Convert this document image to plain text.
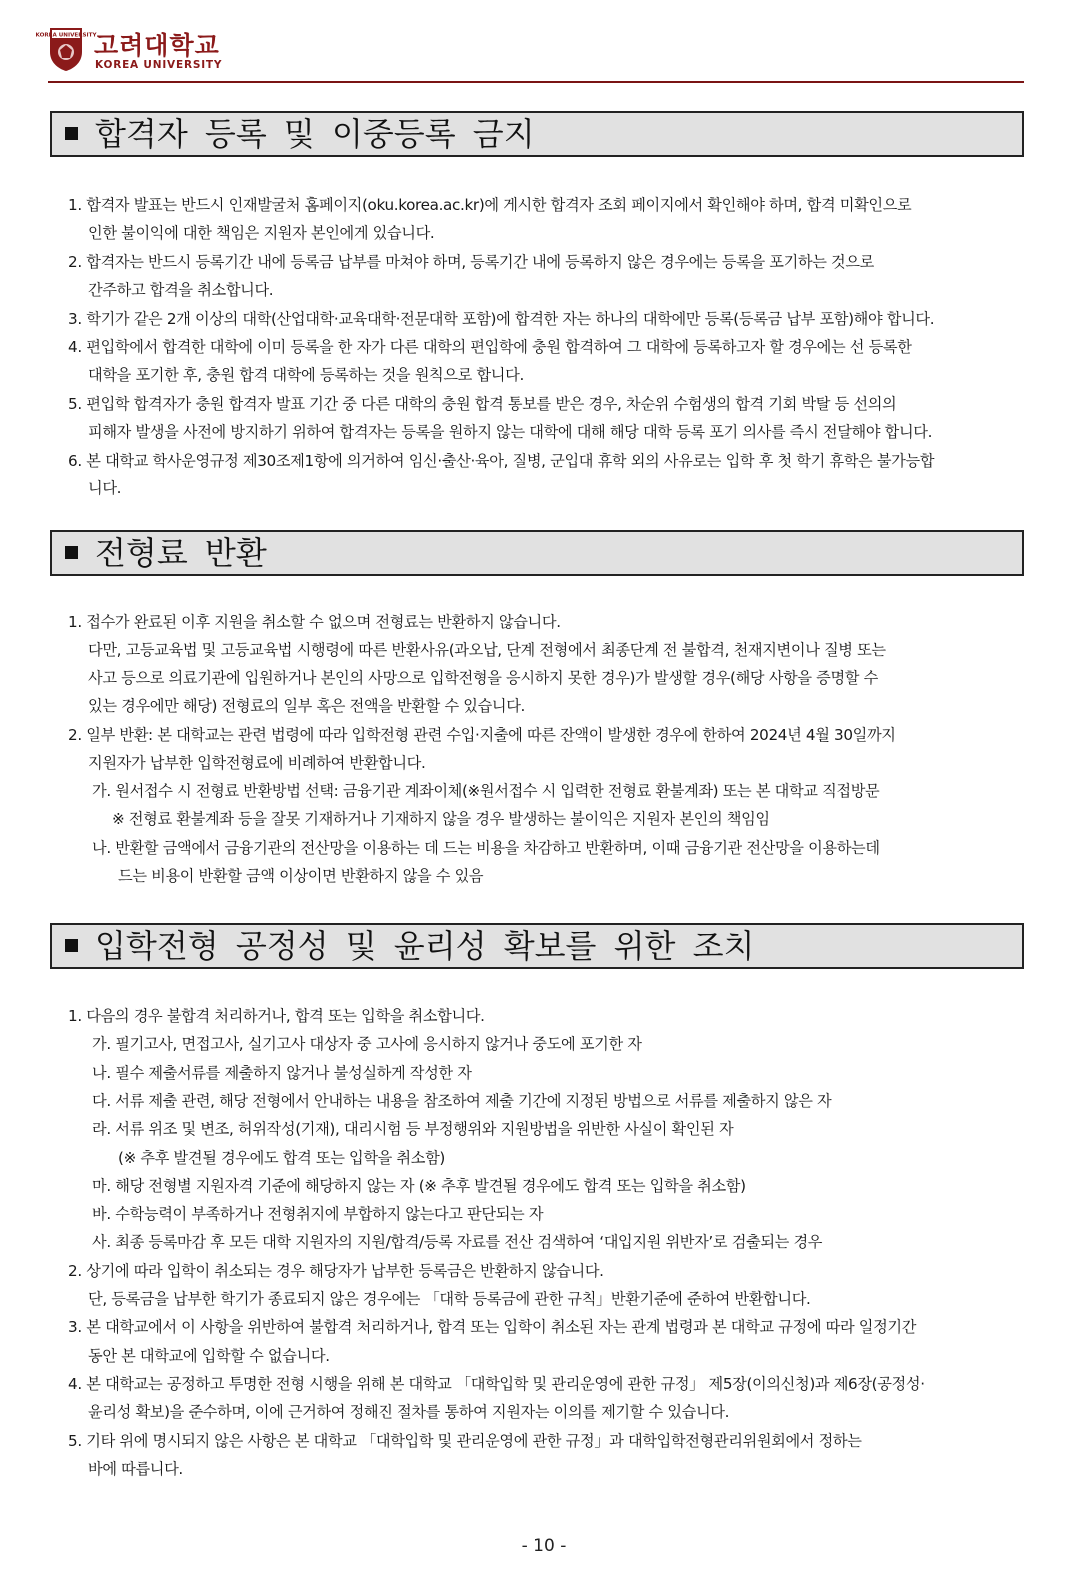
KOREA UNIVERSITY
고려대학교
KOREA UNIVERSITY
합격자 등록 및 이중등록 금지
1. 합격자 발표는 반드시 인재발굴처 홈페이지(oku.korea.ac.kr)에 게시한 합격자 조회 페이지에서 확인해야 하며, 합격 미확인으로
인한 불이익에 대한 책임은 지원자 본인에게 있습니다.
2. 합격자는 반드시 등록기간 내에 등록금 납부를 마쳐야 하며, 등록기간 내에 등록하지 않은 경우에는 등록을 포기하는 것으로
간주하고 합격을 취소합니다.
3. 학기가 같은 2개 이상의 대학(산업대학·교육대학·전문대학 포함)에 합격한 자는 하나의 대학에만 등록(등록금 납부 포함)해야 합니다.
4. 편입학에서 합격한 대학에 이미 등록을 한 자가 다른 대학의 편입학에 충원 합격하여 그 대학에 등록하고자 할 경우에는 선 등록한
대학을 포기한 후, 충원 합격 대학에 등록하는 것을 원칙으로 합니다.
5. 편입학 합격자가 충원 합격자 발표 기간 중 다른 대학의 충원 합격 통보를 받은 경우, 차순위 수험생의 합격 기회 박탈 등 선의의
피해자 발생을 사전에 방지하기 위하여 합격자는 등록을 원하지 않는 대학에 대해 해당 대학 등록 포기 의사를 즉시 전달해야 합니다.
6. 본 대학교 학사운영규정 제30조제1항에 의거하여 임신·출산·육아, 질병, 군입대 휴학 외의 사유로는 입학 후 첫 학기 휴학은 불가능합
니다.
전형료 반환
1. 접수가 완료된 이후 지원을 취소할 수 없으며 전형료는 반환하지 않습니다.
다만, 고등교육법 및 고등교육법 시행령에 따른 반환사유(과오납, 단계 전형에서 최종단계 전 불합격, 천재지변이나 질병 또는
사고 등으로 의료기관에 입원하거나 본인의 사망으로 입학전형을 응시하지 못한 경우)가 발생할 경우(해당 사항을 증명할 수
있는 경우에만 해당) 전형료의 일부 혹은 전액을 반환할 수 있습니다.
2. 일부 반환: 본 대학교는 관련 법령에 따라 입학전형 관련 수입·지출에 따른 잔액이 발생한 경우에 한하여 2024년 4월 30일까지
지원자가 납부한 입학전형료에 비례하여 반환합니다.
가. 원서접수 시 전형료 반환방법 선택: 금융기관 계좌이체(※원서접수 시 입력한 전형료 환불계좌) 또는 본 대학교 직접방문
※ 전형료 환불계좌 등을 잘못 기재하거나 기재하지 않을 경우 발생하는 불이익은 지원자 본인의 책임임
나. 반환할 금액에서 금융기관의 전산망을 이용하는 데 드는 비용을 차감하고 반환하며, 이때 금융기관 전산망을 이용하는데
드는 비용이 반환할 금액 이상이면 반환하지 않을 수 있음
입학전형 공정성 및 윤리성 확보를 위한 조치
1. 다음의 경우 불합격 처리하거나, 합격 또는 입학을 취소합니다.
가. 필기고사, 면접고사, 실기고사 대상자 중 고사에 응시하지 않거나 중도에 포기한 자
나. 필수 제출서류를 제출하지 않거나 불성실하게 작성한 자
다. 서류 제출 관련, 해당 전형에서 안내하는 내용을 참조하여 제출 기간에 지정된 방법으로 서류를 제출하지 않은 자
라. 서류 위조 및 변조, 허위작성(기재), 대리시험 등 부정행위와 지원방법을 위반한 사실이 확인된 자
(※ 추후 발견될 경우에도 합격 또는 입학을 취소함)
마. 해당 전형별 지원자격 기준에 해당하지 않는 자 (※ 추후 발견될 경우에도 합격 또는 입학을 취소함)
바. 수학능력이 부족하거나 전형취지에 부합하지 않는다고 판단되는 자
사. 최종 등록마감 후 모든 대학 지원자의 지원/합격/등록 자료를 전산 검색하여 ‘대입지원 위반자’로 검출되는 경우
2. 상기에 따라 입학이 취소되는 경우 해당자가 납부한 등록금은 반환하지 않습니다.
단, 등록금을 납부한 학기가 종료되지 않은 경우에는 「대학 등록금에 관한 규칙」반환기준에 준하여 반환합니다.
3. 본 대학교에서 이 사항을 위반하여 불합격 처리하거나, 합격 또는 입학이 취소된 자는 관계 법령과 본 대학교 규정에 따라 일정기간
동안 본 대학교에 입학할 수 없습니다.
4. 본 대학교는 공정하고 투명한 전형 시행을 위해 본 대학교 「대학입학 및 관리운영에 관한 규정」 제5장(이의신청)과 제6장(공정성·
윤리성 확보)을 준수하며, 이에 근거하여 정해진 절차를 통하여 지원자는 이의를 제기할 수 있습니다.
5. 기타 위에 명시되지 않은 사항은 본 대학교 「대학입학 및 관리운영에 관한 규정」과 대학입학전형관리위원회에서 정하는
바에 따릅니다.
- 10 -
